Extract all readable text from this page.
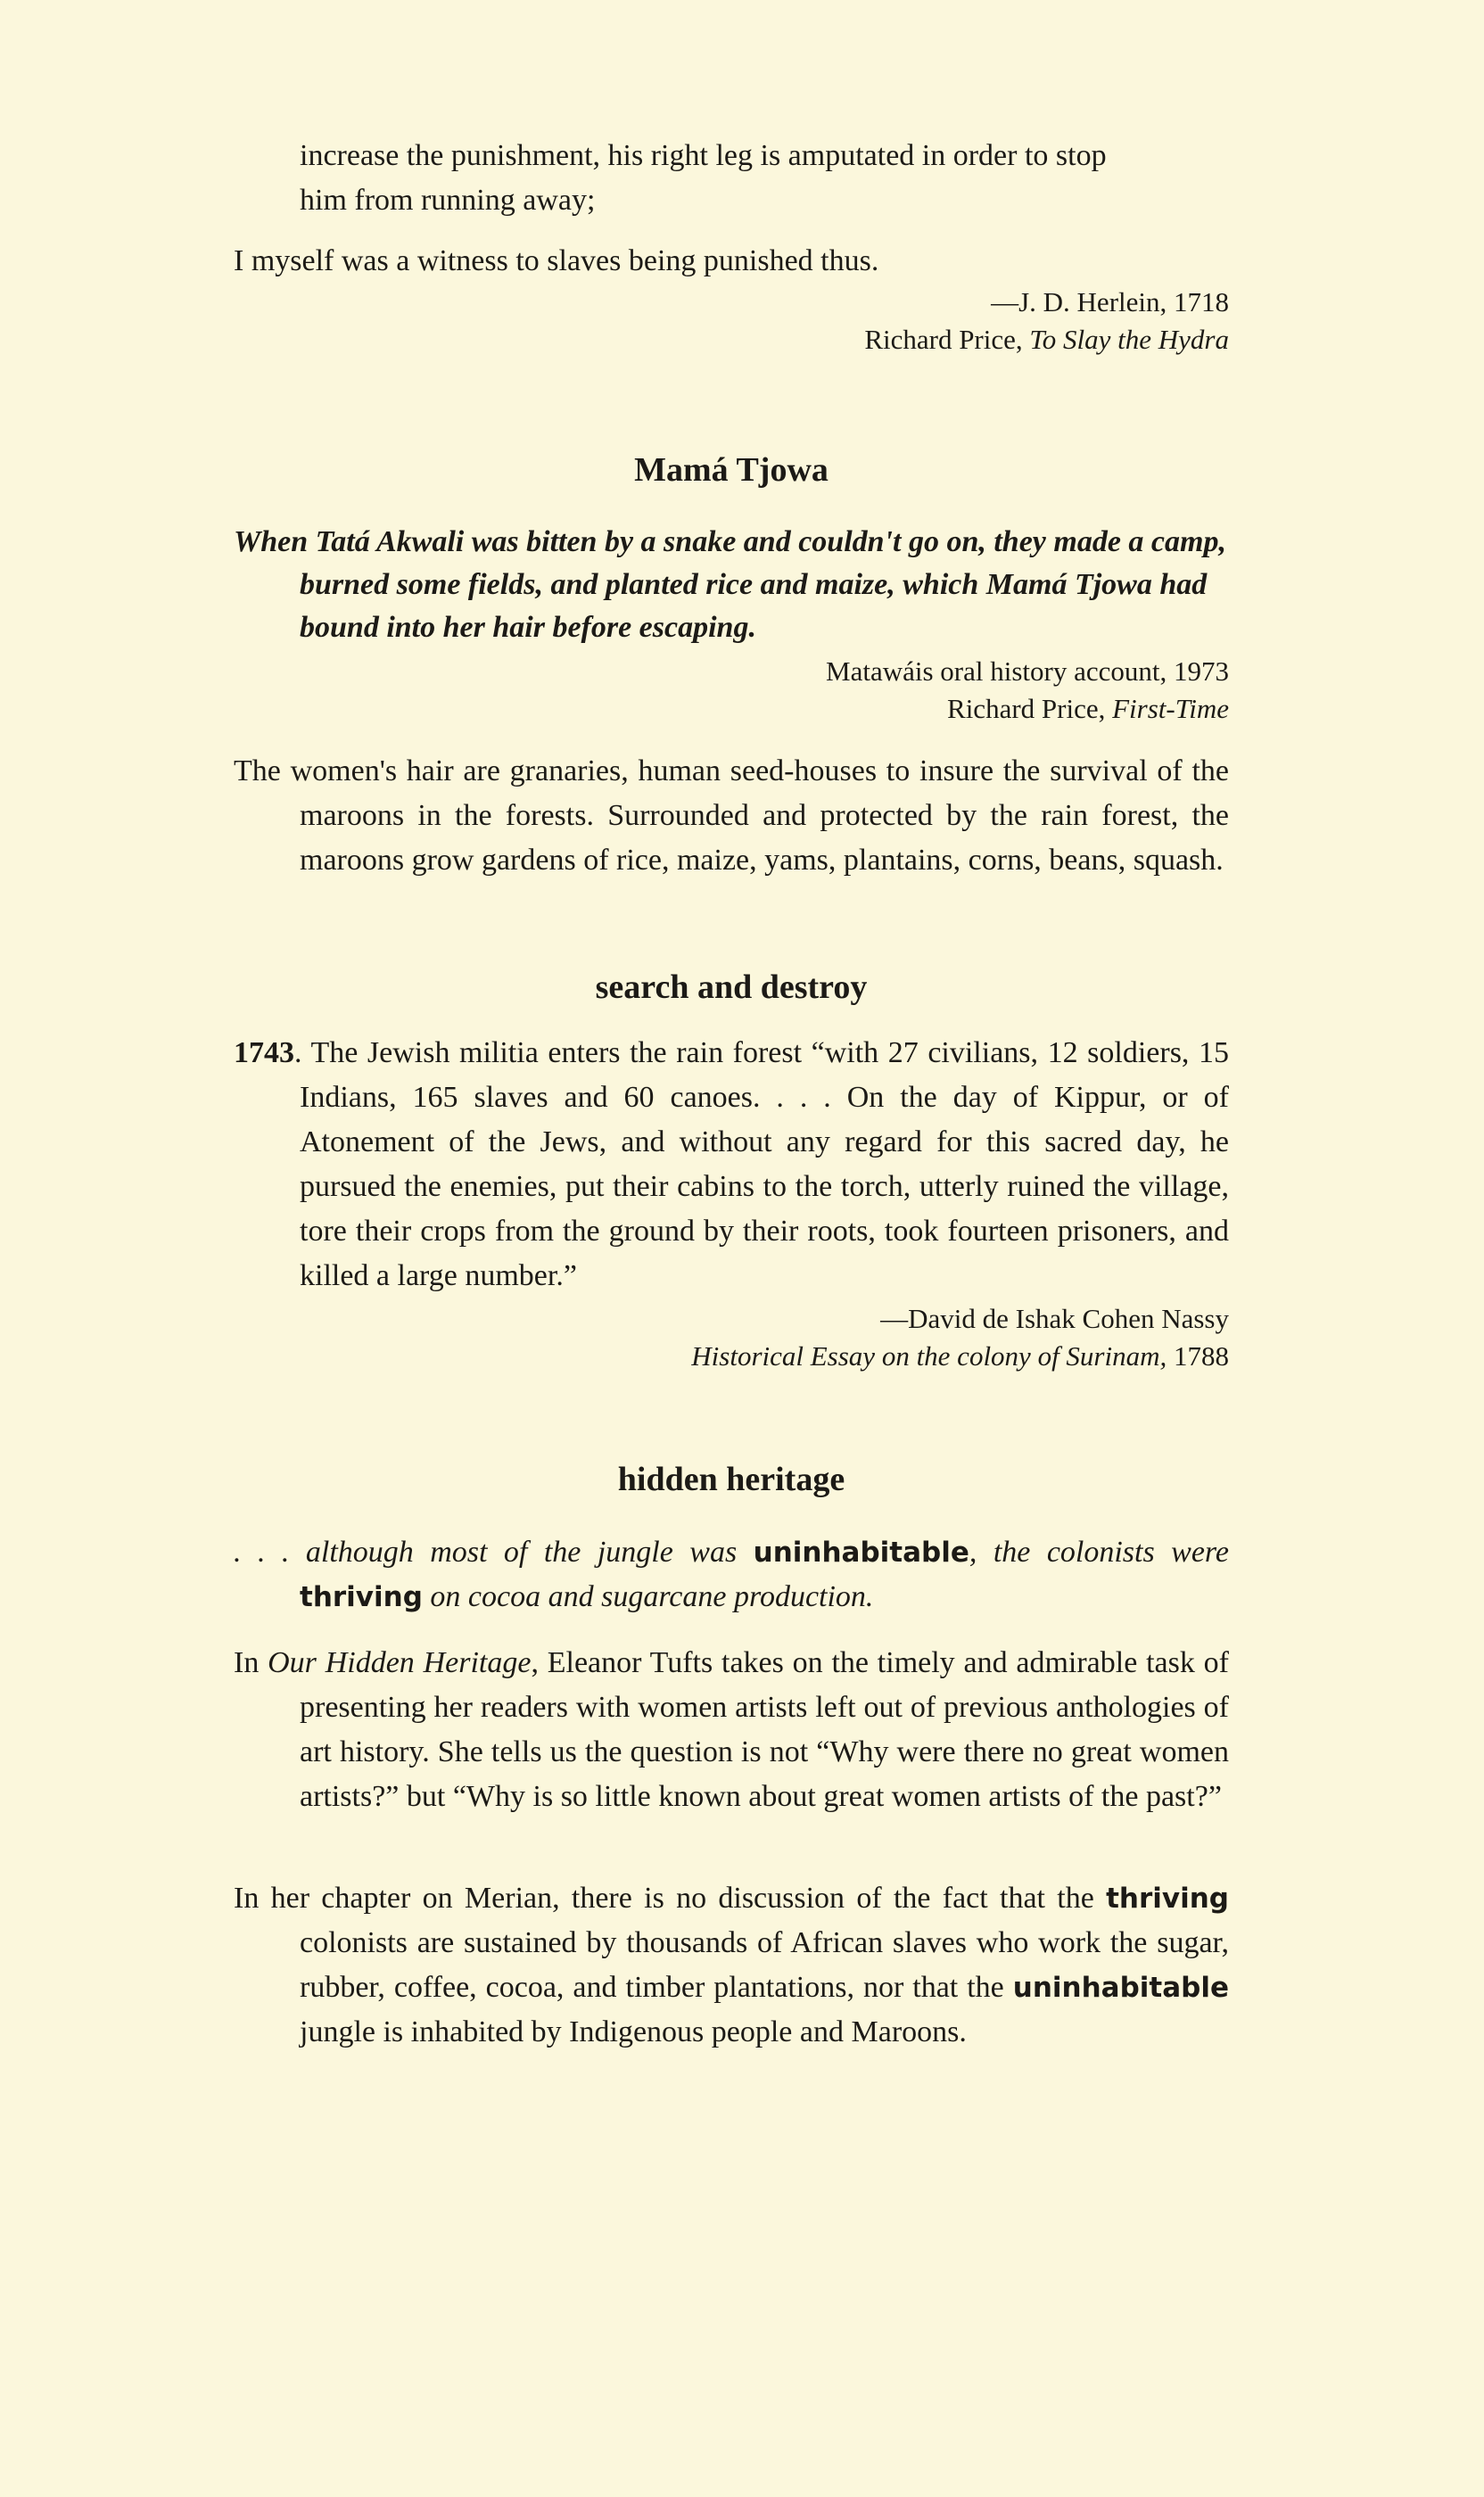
increase the punishment, his right leg is amputated in order to stop
him from running away;

I myself was a witness to slaves being punished thus.

—J. D. Herlein, 1718
Richard Price, To Slay the Hydra

Mamá Tjowa

When Tatá Akwali was bitten by a snake and couldn't go on, they made a camp, burned some fields, and planted rice and maize, which Mamá Tjowa had bound into her hair before escaping.

Matawáis oral history account, 1973
Richard Price, First-Time

The women's hair are granaries, human seed-houses to insure the survival of the maroons in the forests. Surrounded and protected by the rain forest, the maroons grow gardens of rice, maize, yams, plantains, corns, beans, squash.

search and destroy

1743. The Jewish militia enters the rain forest “with 27 civilians, 12 soldiers, 15 Indians, 165 slaves and 60 canoes. . . . On the day of Kippur, or of Atonement of the Jews, and without any regard for this sacred day, he pursued the enemies, put their cabins to the torch, utterly ruined the village, tore their crops from the ground by their roots, took fourteen prisoners, and killed a large number.”

—David de Ishak Cohen Nassy
Historical Essay on the colony of Surinam, 1788

hidden heritage

. . . although most of the jungle was uninhabitable, the colonists were thriving on cocoa and sugarcane production.

In Our Hidden Heritage, Eleanor Tufts takes on the timely and admirable task of presenting her readers with women artists left out of previous anthologies of art history. She tells us the question is not “Why were there no great women artists?” but “Why is so little known about great women artists of the past?”

In her chapter on Merian, there is no discussion of the fact that the thriving colonists are sustained by thousands of African slaves who work the sugar, rubber, coffee, cocoa, and timber plantations, nor that the uninhabitable jungle is inhabited by Indigenous people and Maroons.
